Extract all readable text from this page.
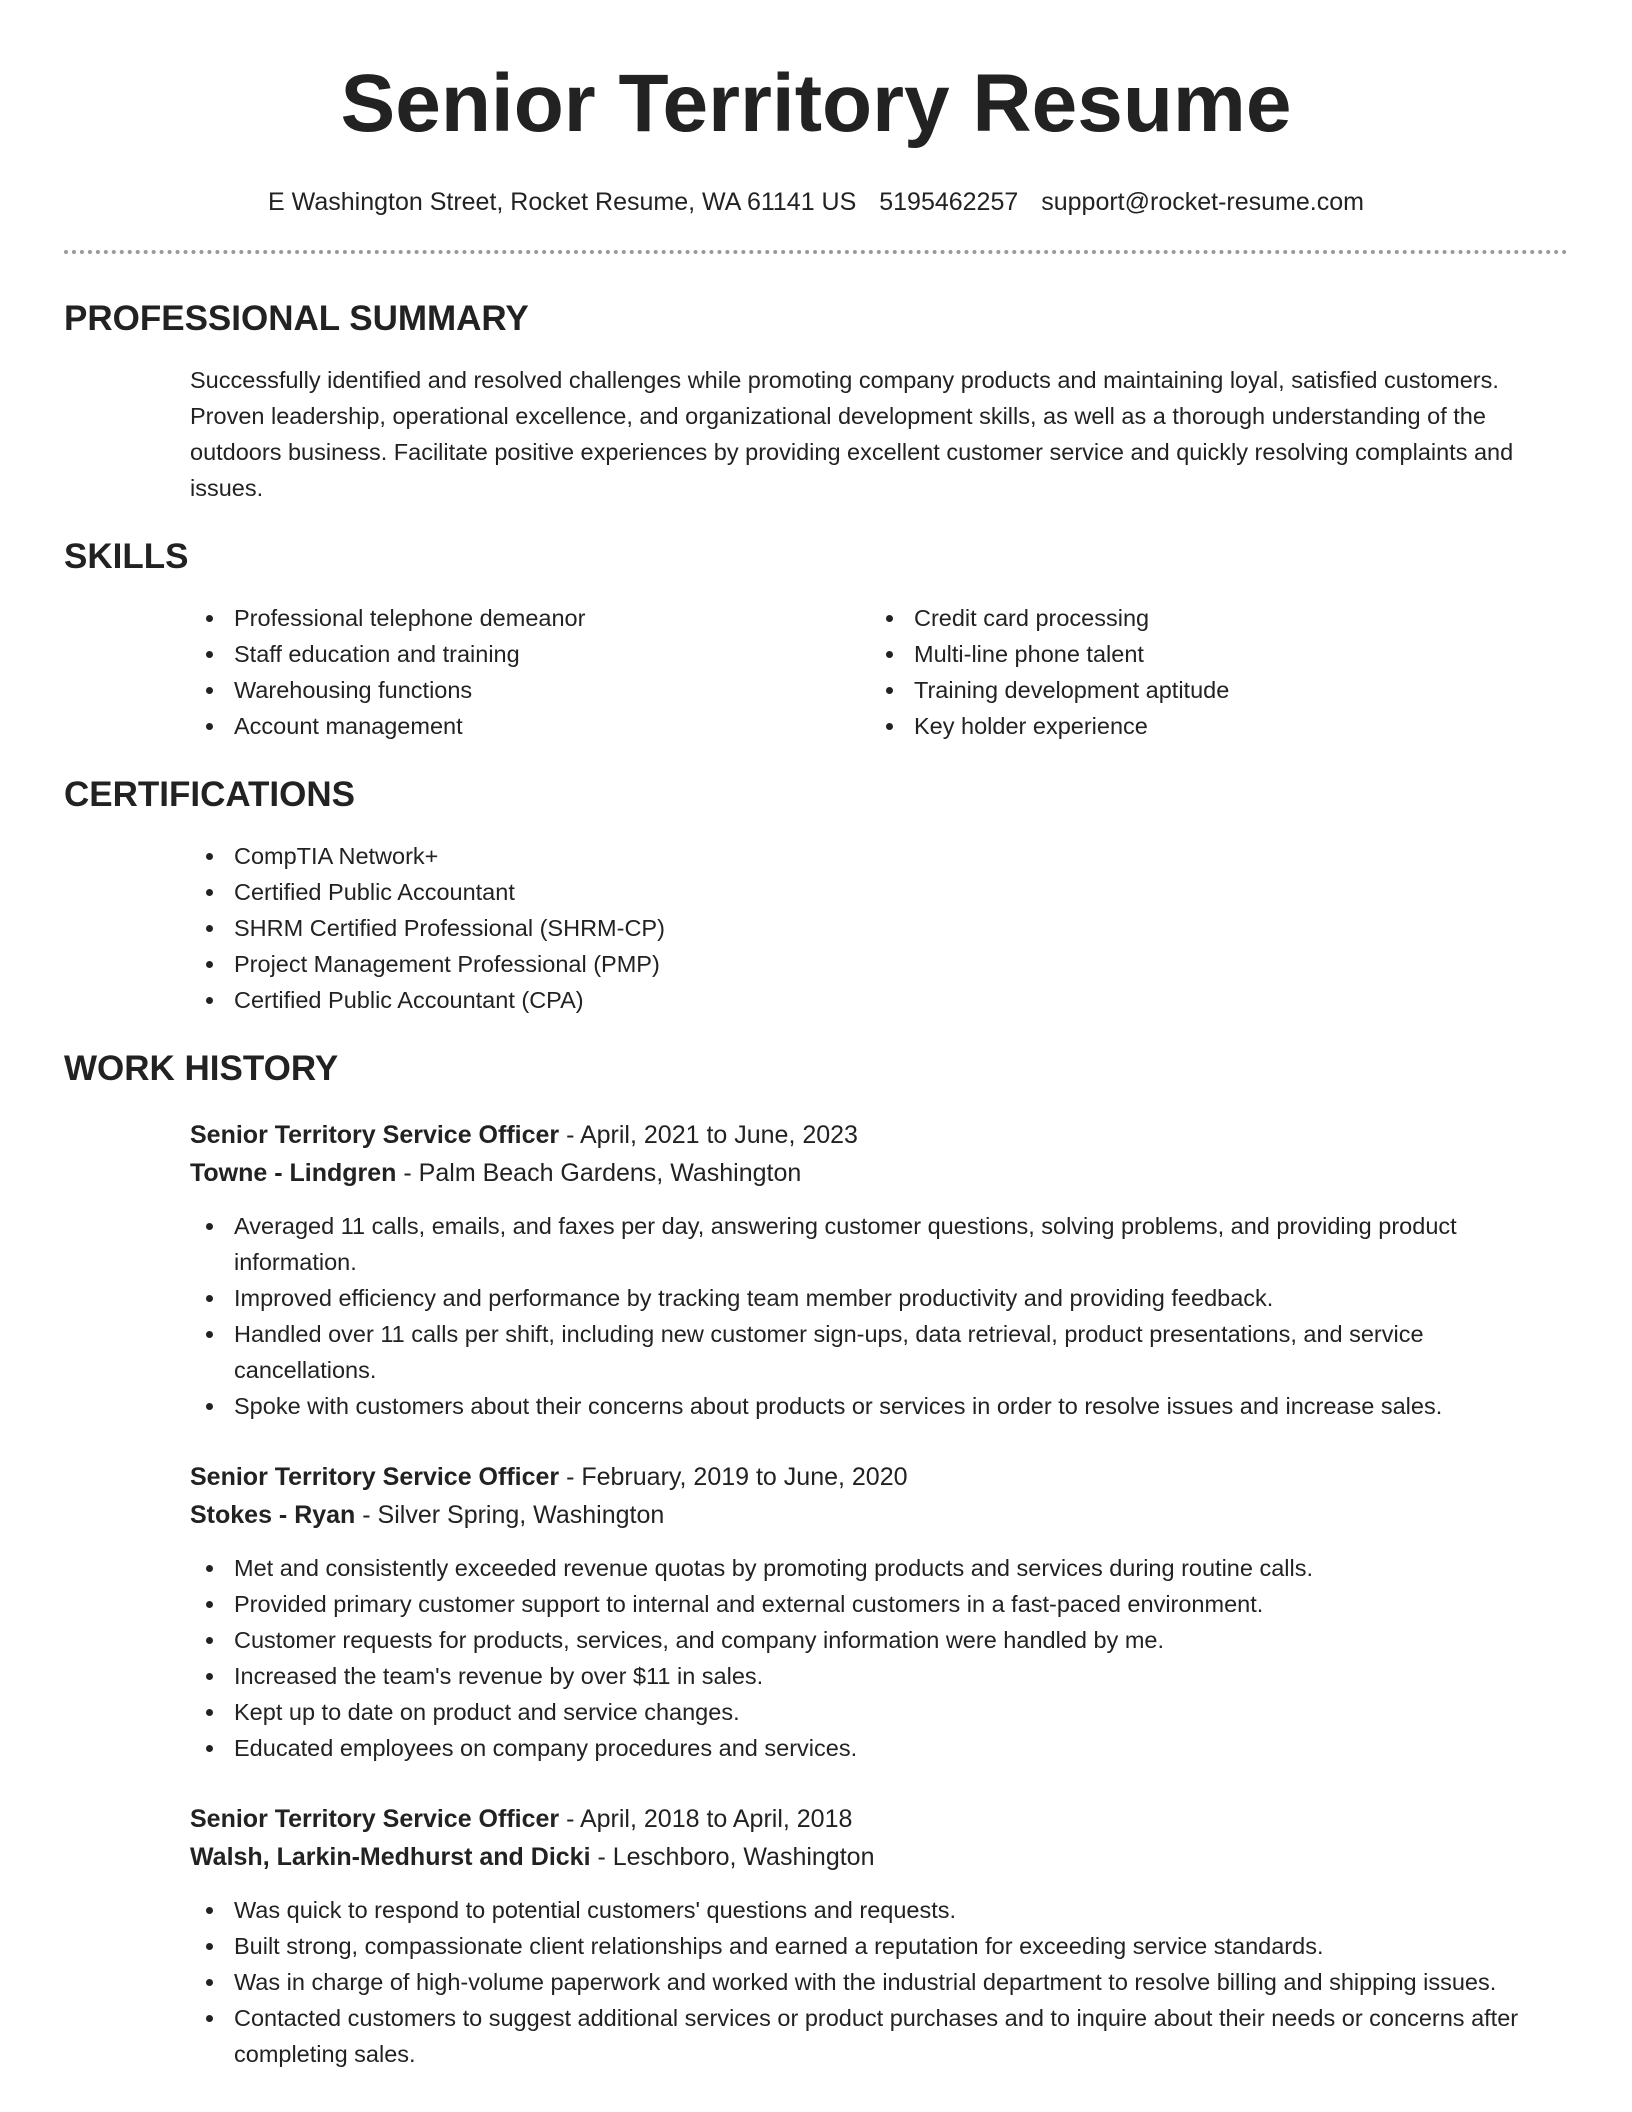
Senior Territory Resume
E Washington Street, Rocket Resume, WA 61141 US 5195462257 support@rocket-resume.com
PROFESSIONAL SUMMARY

Successfully identified and resolved challenges while promoting company products and maintaining loyal, satisfied customers. Proven leadership, operational excellence, and organizational development skills, as well as a thorough understanding of the outdoors business. Facilitate positive experiences by providing excellent customer service and quickly resolving complaints and issues.

SKILLS
Professional telephone demeanor
Staff education and training
Warehousing functions
Account management
Credit card processing
Multi-line phone talent
Training development aptitude
Key holder experience
CERTIFICATIONS
CompTIA Network+
Certified Public Accountant
SHRM Certified Professional (SHRM-CP)
Project Management Professional (PMP)
Certified Public Accountant (CPA)
WORK HISTORY
Senior Territory Service Officer - April, 2021 to June, 2023
Towne - Lindgren - Palm Beach Gardens, Washington
Averaged 11 calls, emails, and faxes per day, answering customer questions, solving problems, and providing product information.
Improved efficiency and performance by tracking team member productivity and providing feedback.
Handled over 11 calls per shift, including new customer sign-ups, data retrieval, product presentations, and service cancellations.
Spoke with customers about their concerns about products or services in order to resolve issues and increase sales.
Senior Territory Service Officer - February, 2019 to June, 2020
Stokes - Ryan - Silver Spring, Washington
Met and consistently exceeded revenue quotas by promoting products and services during routine calls.
Provided primary customer support to internal and external customers in a fast-paced environment.
Customer requests for products, services, and company information were handled by me.
Increased the team's revenue by over $11 in sales.
Kept up to date on product and service changes.
Educated employees on company procedures and services.
Senior Territory Service Officer - April, 2018 to April, 2018
Walsh, Larkin-Medhurst and Dicki - Leschboro, Washington
Was quick to respond to potential customers' questions and requests.
Built strong, compassionate client relationships and earned a reputation for exceeding service standards.
Was in charge of high-volume paperwork and worked with the industrial department to resolve billing and shipping issues.
Contacted customers to suggest additional services or product purchases and to inquire about their needs or concerns after completing sales.
